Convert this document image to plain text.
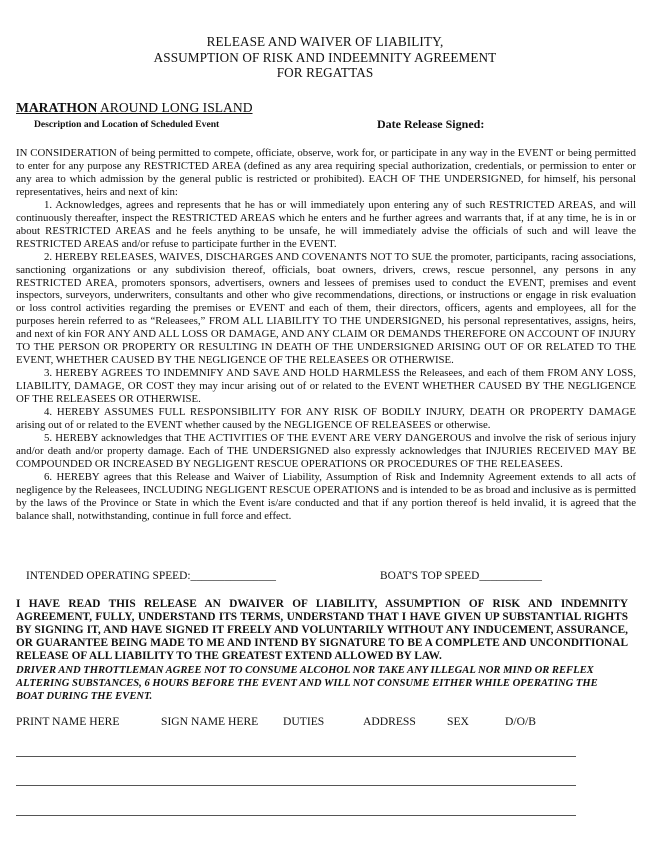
RELEASE AND WAIVER OF LIABILITY,
ASSUMPTION OF RISK AND INDEEMNITY AGREEMENT
FOR REGATTAS
MARATHON AROUND LONG ISLAND
Description and Location of Scheduled Event	Date Release Signed:

IN CONSIDERATION of being permitted to compete, officiate, observe, work for, or participate in any way in the EVENT or being permitted to enter for any purpose any RESTRICTED AREA (defined as any area requiring special authorization, credentials, or permission to enter or any area to which admission by the general public is restricted or prohibited). EACH OF THE UNDERSIGNED, for himself, his personal representatives, heirs and next of kin:

1. Acknowledges, agrees and represents that he has or will immediately upon entering any of such RESTRICTED AREAS, and will continuously thereafter, inspect the RESTRICTED AREAS which he enters and he further agrees and warrants that, if at any time, he is in or about RESTRICTED AREAS and he feels anything to be unsafe, he will immediately advise the officials of such and will leave the RESTRICTED AREAS and/or refuse to participate further in the EVENT.

2. HEREBY RELEASES, WAIVES, DISCHARGES AND COVENANTS NOT TO SUE the promoter, participants, racing associations, sanctioning organizations or any subdivision thereof, officials, boat owners, drivers, crews, rescue personnel, any persons in any RESTRICTED AREA, promoters sponsors, advertisers, owners and lessees of premises used to conduct the EVENT, premises and event inspectors, surveyors, underwriters, consultants and other who give recommendations, directions, or instructions or engage in risk evaluation or loss control activities regarding the premises or EVENT and each of them, their directors, officers, agents and employees, all for the purposes herein referred to as “Releasees,” FROM ALL LIABILITY TO THE UNDERSIGNED, his personal representatives, assigns, heirs, and next of kin FOR ANY AND ALL LOSS OR DAMAGE, AND ANY CLAIM OR DEMANDS THEREFORE ON ACCOUNT OF INJURY TO THE PERSON OR PROPERTY OR RESULTING IN DEATH OF THE UNDERSIGNED ARISING OUT OF OR RELATED TO THE EVENT, WHETHER CAUSED BY THE NEGLIGENCE OF THE RELEASEES OR OTHERWISE.

3. HEREBY AGREES TO INDEMNIFY AND SAVE AND HOLD HARMLESS the Releasees, and each of them FROM ANY LOSS, LIABILITY, DAMAGE, OR COST they may incur arising out of or related to the EVENT WHETHER CAUSED BY THE NEGLIGENCE OF THE RELEASEES OR OTHERWISE.

4. HEREBY ASSUMES FULL RESPONSIBILITY FOR ANY RISK OF BODILY INJURY, DEATH OR PROPERTY DAMAGE arising out of or related to the EVENT whether caused by the NEGLIGENCE OF RELEASEES or otherwise.

5. HEREBY acknowledges that THE ACTIVITIES OF THE EVENT ARE VERY DANGEROUS and involve the risk of serious injury and/or death and/or property damage. Each of THE UNDERSIGNED also expressly acknowledges that INJURIES RECEIVED MAY BE COMPOUNDED OR INCREASED BY NEGLIGENT RESCUE OPERATIONS OR PROCEDURES OF THE RELEASEES.

6. HEREBY agrees that this Release and Waiver of Liability, Assumption of Risk and Indemnity Agreement extends to all acts of negligence by the Releasees, INCLUDING NEGLIGENT RESCUE OPERATIONS and is intended to be as broad and inclusive as is permitted by the laws of the Province or State in which the Event is/are conducted and that if any portion thereof is held invalid, it is agreed that the balance shall, notwithstanding, continue in full force and effect.

INTENDED OPERATING SPEED:_______________	BOAT'S TOP SPEED___________
I HAVE READ THIS RELEASE AN DWAIVER OF LIABILITY, ASSUMPTION OF RISK AND INDEMNITY AGREEMENT, FULLY, UNDERSTAND ITS TERMS, UNDERSTAND THAT I HAVE GIVEN UP SUBSTANTIAL RIGHTS BY SIGNING IT, AND HAVE SIGNED IT FREELY AND VOLUNTARILY WITHOUT ANY INDUCEMENT, ASSURANCE, OR GUARANTEE BEING MADE TO ME AND INTEND BY SIGNATURE TO BE A COMPLETE AND UNCONDITIONAL RELEASE OF ALL LIABILITY TO THE GREATEST EXTEND ALLOWED BY LAW.
DRIVER AND THROTTLEMAN AGREE NOT TO CONSUME ALCOHOL NOR TAKE ANY ILLEGAL NOR MIND OR REFLEX ALTERING SUBSTANCES, 6 HOURS BEFORE THE EVENT AND WILL NOT CONSUME EITHER WHILE OPERATING THE BOAT DURING THE EVENT.
PRINT NAME HERE	SIGN NAME HERE DUTIES	ADDRESS	SEX	D/O/B
